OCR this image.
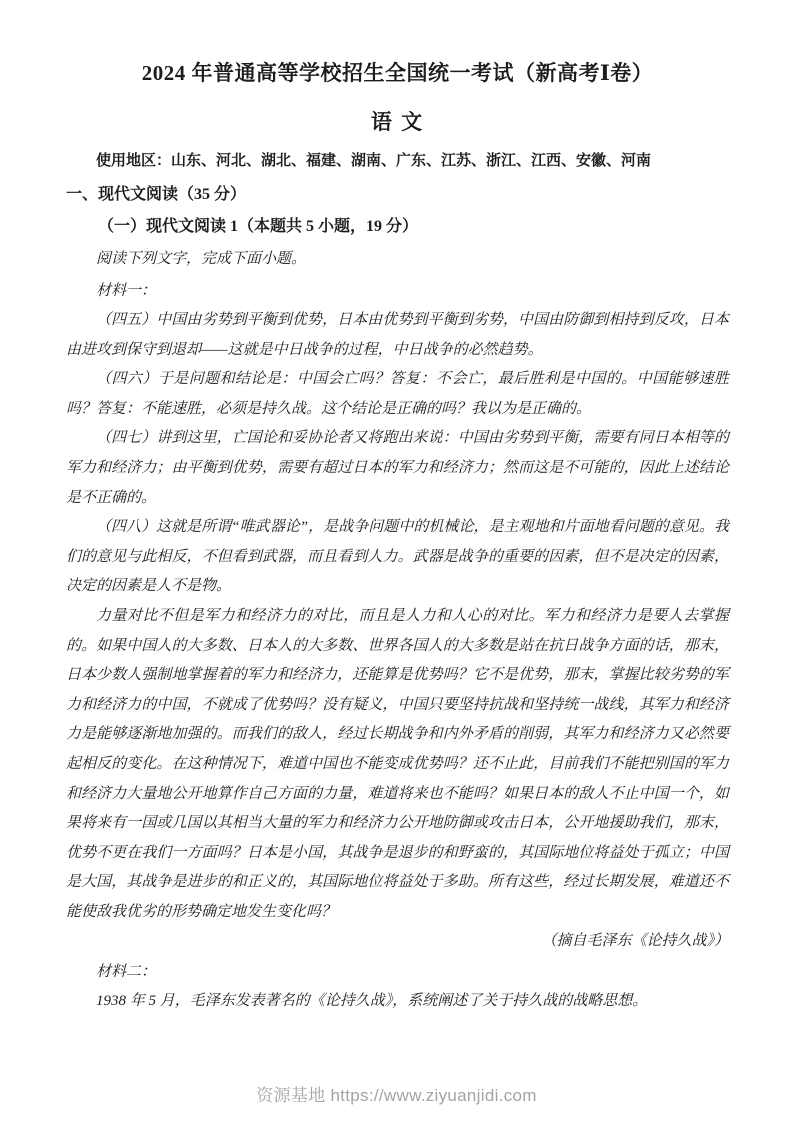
2024 年普通高等学校招生全国统一考试（新高考Ⅰ卷）
语 文

使用地区：山东、河北、湖北、福建、湖南、广东、江苏、浙江、江西、安徽、河南

一、现代文阅读（35 分）
（一）现代文阅读 1（本题共 5 小题，19 分）

阅读下列文字，完成下面小题。

材料一：

（四五）中国由劣势到平衡到优势，日本由优势到平衡到劣势，中国由防御到相持到反攻，日本由进攻到保守到退却——这就是中日战争的过程，中日战争的必然趋势。

（四六）于是问题和结论是：中国会亡吗？答复：不会亡，最后胜利是中国的。中国能够速胜吗？答复：不能速胜，必须是持久战。这个结论是正确的吗？我以为是正确的。

（四七）讲到这里，亡国论和妥协论者又将跑出来说：中国由劣势到平衡，需要有同日本相等的军力和经济力；由平衡到优势，需要有超过日本的军力和经济力；然而这是不可能的，因此上述结论是不正确的。

（四八）这就是所谓“唯武器论”，是战争问题中的机械论，是主观地和片面地看问题的意见。我们的意见与此相反，不但看到武器，而且看到人力。武器是战争的重要的因素，但不是决定的因素，决定的因素是人不是物。

力量对比不但是军力和经济力的对比，而且是人力和人心的对比。军力和经济力是要人去掌握的。如果中国人的大多数、日本人的大多数、世界各国人的大多数是站在抗日战争方面的话，那末，日本少数人强制地掌握着的军力和经济力，还能算是优势吗？它不是优势，那末，掌握比较劣势的军力和经济力的中国，不就成了优势吗？没有疑义，中国只要坚持抗战和坚持统一战线，其军力和经济力是能够逐渐地加强的。而我们的敌人，经过长期战争和内外矛盾的削弱，其军力和经济力又必然要起相反的变化。在这种情况下，难道中国也不能变成优势吗？还不止此，目前我们不能把别国的军力和经济力大量地公开地算作自己方面的力量，难道将来也不能吗？如果日本的敌人不止中国一个，如果将来有一国或几国以其相当大量的军力和经济力公开地防御或攻击日本，公开地援助我们，那末，优势不更在我们一方面吗？日本是小国，其战争是退步的和野蛮的，其国际地位将益处于孤立；中国是大国，其战争是进步的和正义的，其国际地位将益处于多助。所有这些，经过长期发展，难道还不能使敌我优劣的形势确定地发生变化吗？

（摘自毛泽东《论持久战》）

材料二：

1938 年 5 月，毛泽东发表著名的《论持久战》，系统阐述了关于持久战的战略思想。

资源基地 https://www.ziyuanjidi.com
